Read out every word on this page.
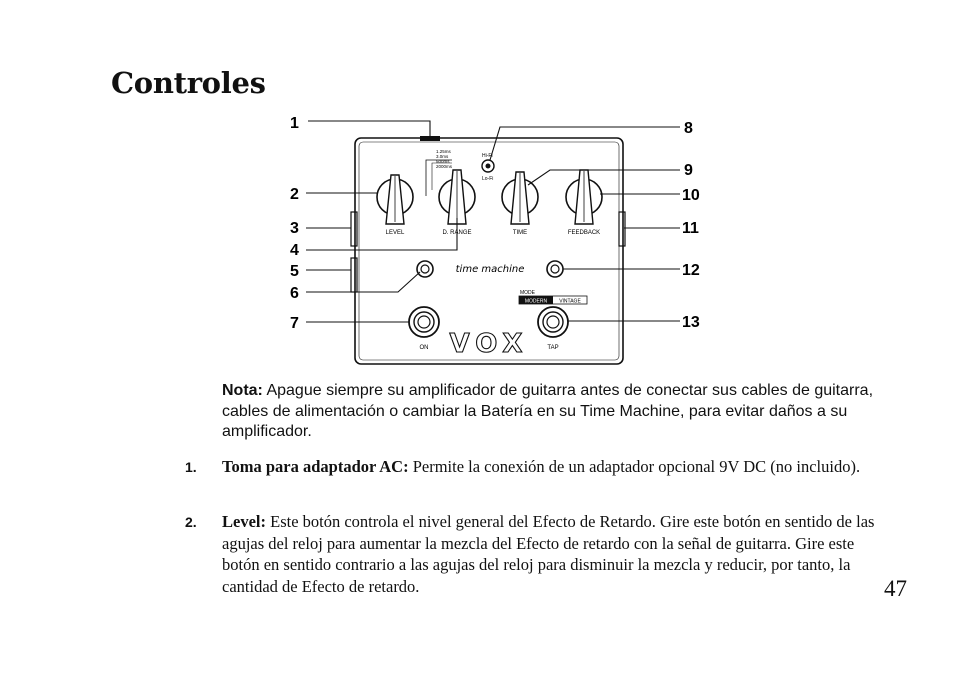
Controles
1
2
3
4
5
6
7
8
9
10
11
12
13
LEVEL	D. RANGE	TIME	FEEDBACK
1.25ms
3.0ms
500ms
2000ms
Hi-Fi
Lo-Fi
ON	TAP
time machine
MODE
MODERN VINTAGE
VOX
Nota: Apague siempre su amplificador de guitarra antes de conectar sus cables de guitarra, cables de alimentación o cambiar la Batería en su Time Machine, para evitar daños a su amplificador.
1. Toma para adaptador AC: Permite la conexión de un adaptador opcional 9V DC (no incluido).
2. Level: Este botón controla el nivel general del Efecto de Retardo. Gire este botón en sentido de las agujas del reloj para aumentar la mezcla del Efecto de retardo con la señal de guitarra. Gire este botón en sentido contrario a las agujas del reloj para disminuir la mezcla y reducir, por tanto, la cantidad de Efecto de retardo.	47
